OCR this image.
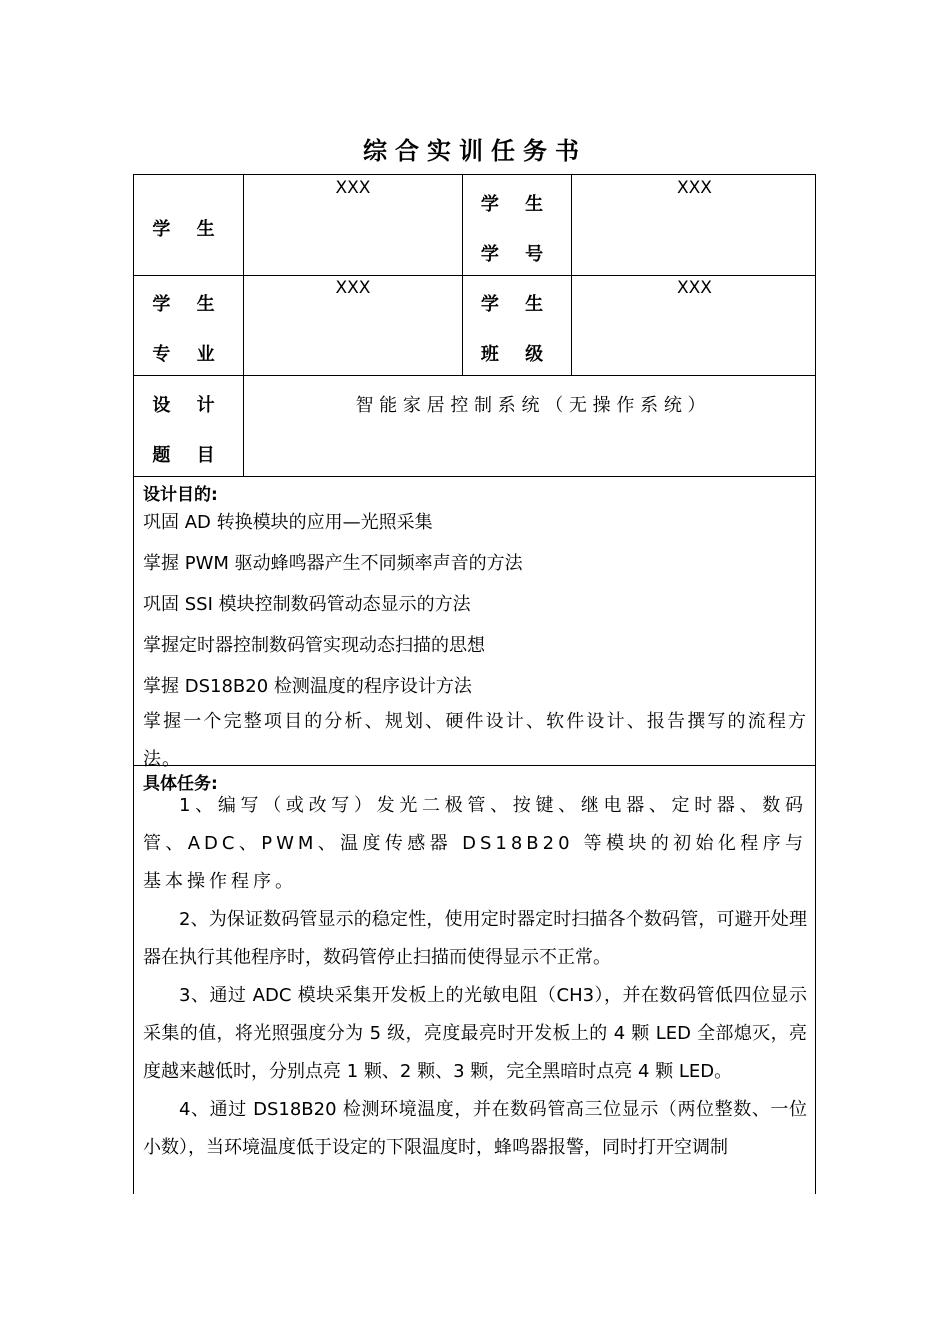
综合实训任务书
学 生
XXX
学 生
学 号
XXX
学 生
专 业
XXX
学 生
班 级
XXX
设 计
题 目
智 能 家 居 控 制 系 统 （ 无 操 作 系 统 ）
设计目的:
巩固 AD 转换模块的应用—光照采集
掌握 PWM 驱动蜂鸣器产生不同频率声音的方法
巩固 SSI 模块控制数码管动态显示的方法
掌握定时器控制数码管实现动态扫描的思想
掌握 DS18B20 检测温度的程序设计方法
掌握一个完整项目的分析、规划、硬件设计、软件设计、报告撰写的流程方法。
具体任务:
1、编写（或改写）发光二极管、按键、继电器、定时器、数码管、ADC、PWM、温度传感器 DS18B20 等模块的初始化程序与基本操作程序。
2、为保证数码管显示的稳定性，使用定时器定时扫描各个数码管，可避开处理器在执行其他程序时，数码管停止扫描而使得显示不正常。
3、通过 ADC 模块采集开发板上的光敏电阻（CH3），并在数码管低四位显示采集的值，将光照强度分为 5 级，亮度最亮时开发板上的 4 颗 LED 全部熄灭，亮度越来越低时，分别点亮 1 颗、2 颗、3 颗，完全黑暗时点亮 4 颗 LED。
4、通过 DS18B20 检测环境温度，并在数码管高三位显示（两位整数、一位小数），当环境温度低于设定的下限温度时，蜂鸣器报警，同时打开空调制
